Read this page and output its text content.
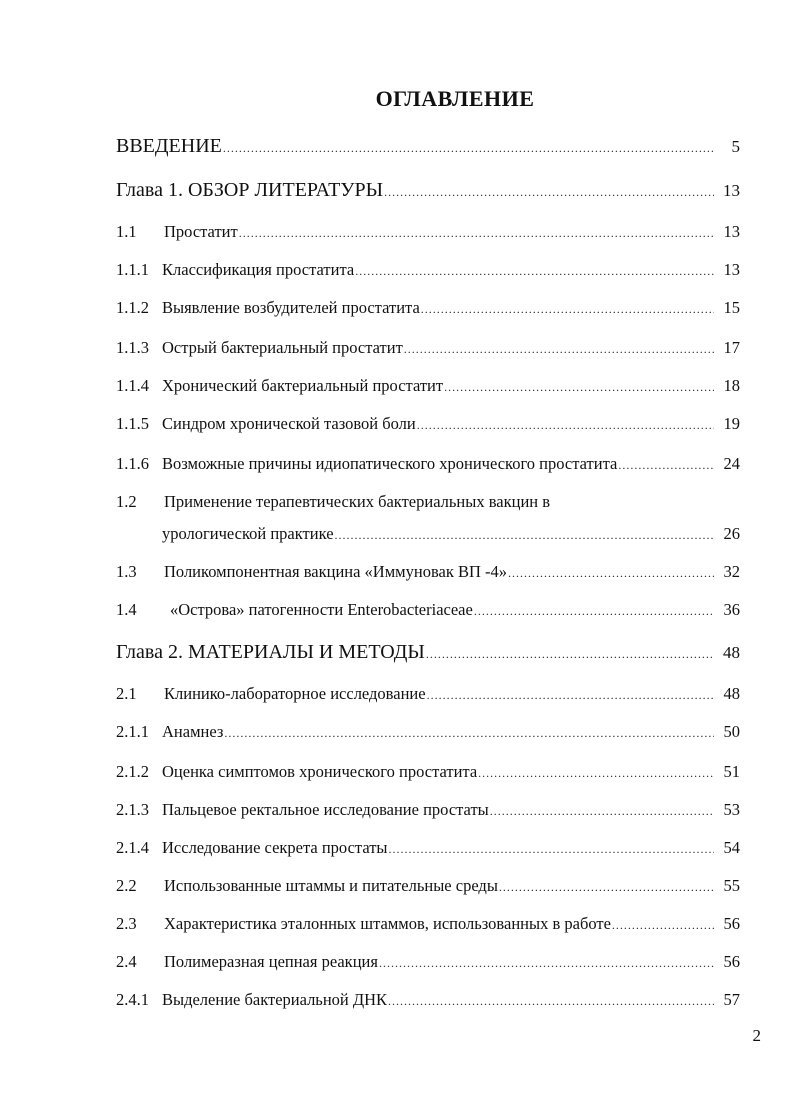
ОГЛАВЛЕНИЕ
ВВЕДЕНИЕ .....	5
Глава 1. ОБЗОР ЛИТЕРАТУРЫ .....	13
1.1	Простатит .....	13
1.1.1 Классификация простатита .....	13
1.1.2 Выявление возбудителей простатита .....	15
1.1.3 Острый бактериальный простатит .....	17
1.1.4 Хронический бактериальный простатит .....	18
1.1.5 Синдром хронической тазовой боли .....	19
1.1.6 Возможные причины идиопатического хронического простатита .....	24
1.2	Применение терапевтических бактериальных вакцин в
урологической практике .....	26
1.3	Поликомпонентная вакцина «Иммуновак ВП -4» .....	32
1.4	«Острова» патогенности Enterobacteriaceae .....	36
Глава 2. МАТЕРИАЛЫ И МЕТОДЫ .....	48
2.1	Клинико-лабораторное исследование .....	48
2.1.1 Анамнез .....	50
2.1.2 Оценка симптомов хронического простатита .....	51
2.1.3 Пальцевое ректальное исследование простаты .....	53
2.1.4 Исследование секрета простаты .....	54
2.2	Использованные штаммы и питательные среды .....	55
2.3	Характеристика эталонных штаммов, использованных в работе .....	56
2.4	Полимеразная цепная реакция .....	56
2.4.1 Выделение бактериальной ДНК .....	57
2
